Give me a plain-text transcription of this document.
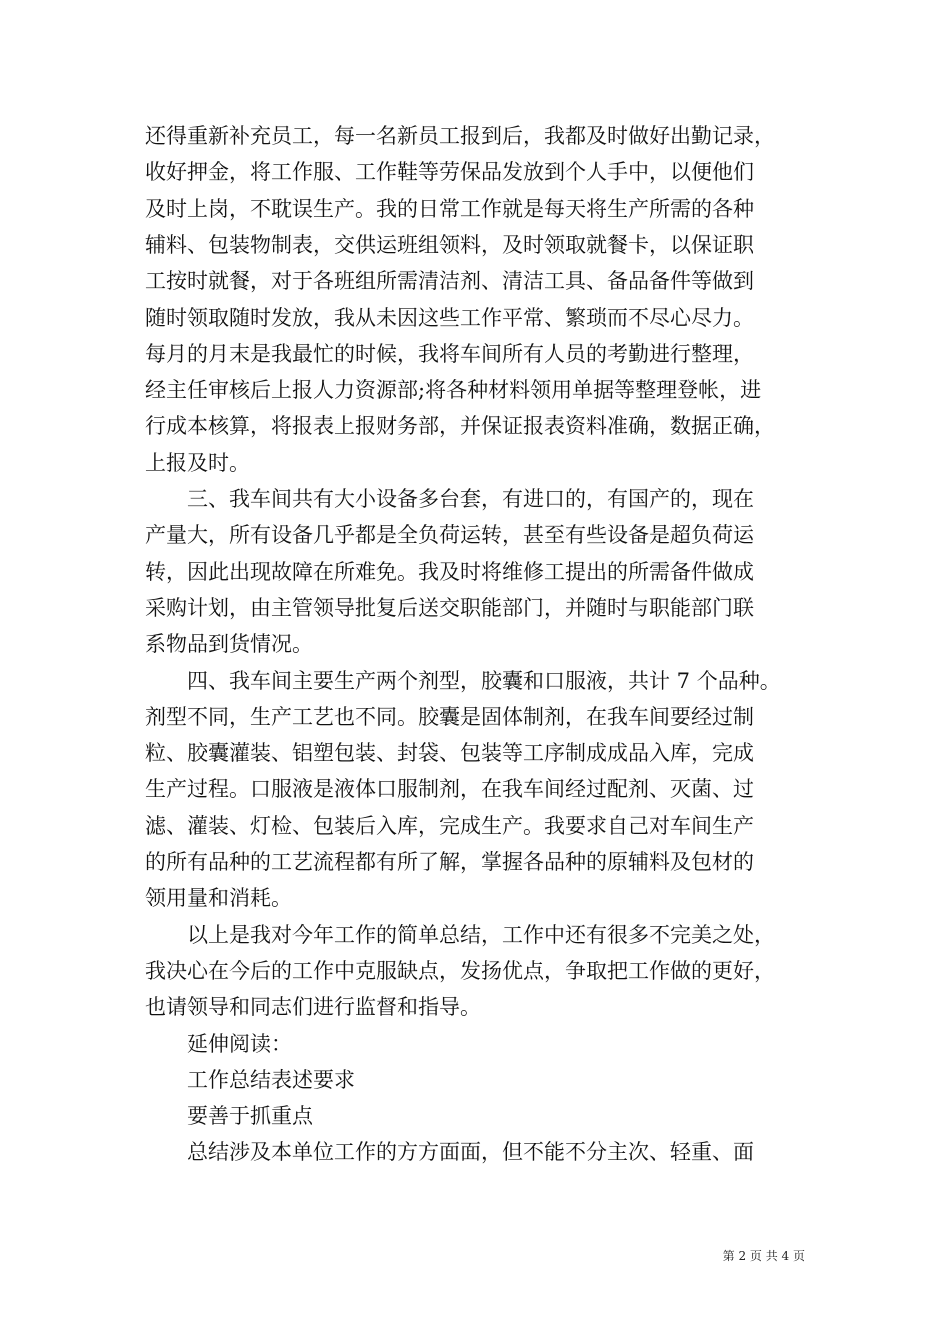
还得重新补充员工，每一名新员工报到后，我都及时做好出勤记录，
收好押金，将工作服、工作鞋等劳保品发放到个人手中，以便他们
及时上岗，不耽误生产。我的日常工作就是每天将生产所需的各种
辅料、包装物制表，交供运班组领料，及时领取就餐卡，以保证职
工按时就餐，对于各班组所需清洁剂、清洁工具、备品备件等做到
随时领取随时发放，我从未因这些工作平常、繁琐而不尽心尽力。
每月的月末是我最忙的时候，我将车间所有人员的考勤进行整理，
经主任审核后上报人力资源部;将各种材料领用单据等整理登帐，进
行成本核算，将报表上报财务部，并保证报表资料准确，数据正确，
上报及时。
　　三、我车间共有大小设备多台套，有进口的，有国产的，现在
产量大，所有设备几乎都是全负荷运转，甚至有些设备是超负荷运
转，因此出现故障在所难免。我及时将维修工提出的所需备件做成
采购计划，由主管领导批复后送交职能部门，并随时与职能部门联
系物品到货情况。
　　四、我车间主要生产两个剂型，胶囊和口服液，共计 7 个品种。
剂型不同，生产工艺也不同。胶囊是固体制剂，在我车间要经过制
粒、胶囊灌装、铝塑包装、封袋、包装等工序制成成品入库，完成
生产过程。口服液是液体口服制剂，在我车间经过配剂、灭菌、过
滤、灌装、灯检、包装后入库，完成生产。我要求自己对车间生产
的所有品种的工艺流程都有所了解，掌握各品种的原辅料及包材的
领用量和消耗。
　　以上是我对今年工作的简单总结，工作中还有很多不完美之处，
我决心在今后的工作中克服缺点，发扬优点，争取把工作做的更好，
也请领导和同志们进行监督和指导。
　　延伸阅读：
　　工作总结表述要求
　　要善于抓重点
　　总结涉及本单位工作的方方面面，但不能不分主次、轻重、面
第 2 页 共 4 页
